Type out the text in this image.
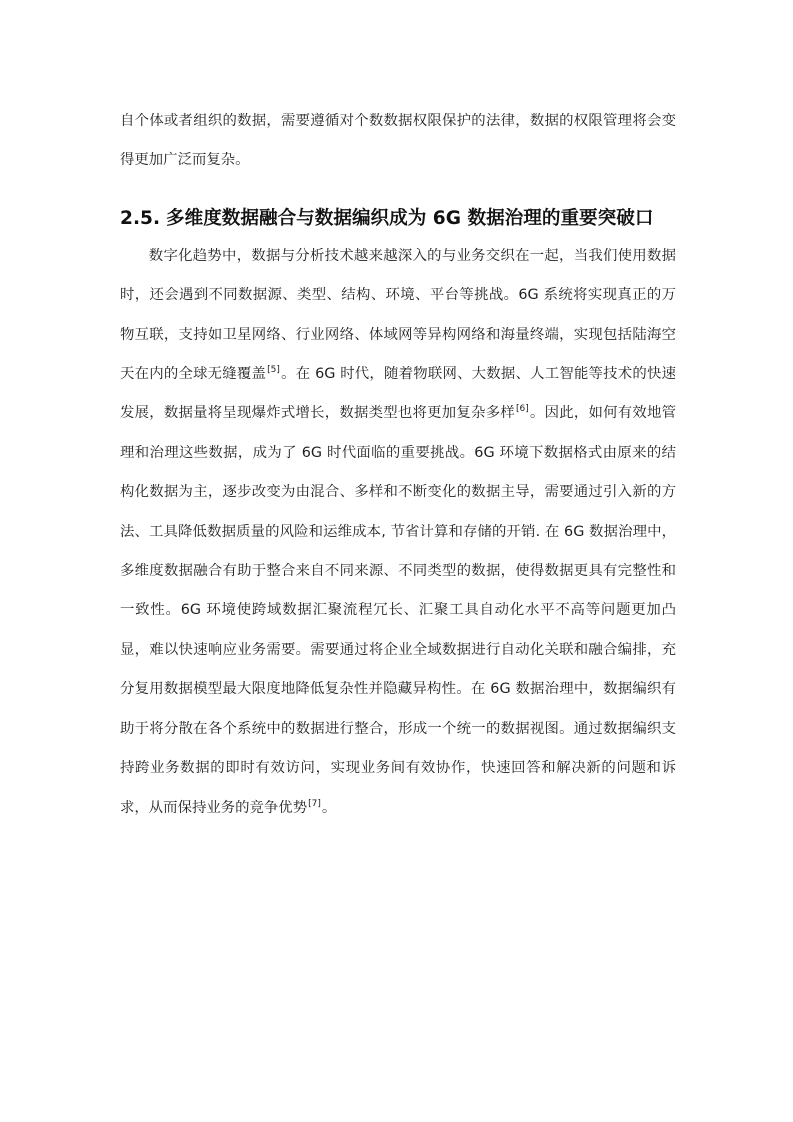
自个体或者组织的数据，需要遵循对个数数据权限保护的法律，数据的权限管理将会变得更加广泛而复杂。

2.5. 多维度数据融合与数据编织成为 6G 数据治理的重要突破口

数字化趋势中，数据与分析技术越来越深入的与业务交织在一起，当我们使用数据时，还会遇到不同数据源、类型、结构、环境、平台等挑战。6G 系统将实现真正的万物互联，支持如卫星网络、行业网络、体域网等异构网络和海量终端，实现包括陆海空天在内的全球无缝覆盖[5]。在 6G 时代，随着物联网、大数据、人工智能等技术的快速发展，数据量将呈现爆炸式增长，数据类型也将更加复杂多样[6]。因此，如何有效地管理和治理这些数据，成为了 6G 时代面临的重要挑战。6G 环境下数据格式由原来的结构化数据为主，逐步改变为由混合、多样和不断变化的数据主导，需要通过引入新的方法、工具降低数据质量的风险和运维成本, 节省计算和存储的开销. 在 6G 数据治理中，多维度数据融合有助于整合来自不同来源、不同类型的数据，使得数据更具有完整性和一致性。6G 环境使跨域数据汇聚流程冗长、汇聚工具自动化水平不高等问题更加凸显，难以快速响应业务需要。需要通过将企业全域数据进行自动化关联和融合编排，充分复用数据模型最大限度地降低复杂性并隐藏异构性。在 6G 数据治理中，数据编织有助于将分散在各个系统中的数据进行整合，形成一个统一的数据视图。通过数据编织支持跨业务数据的即时有效访问，实现业务间有效协作，快速回答和解决新的问题和诉求，从而保持业务的竞争优势[7]。
